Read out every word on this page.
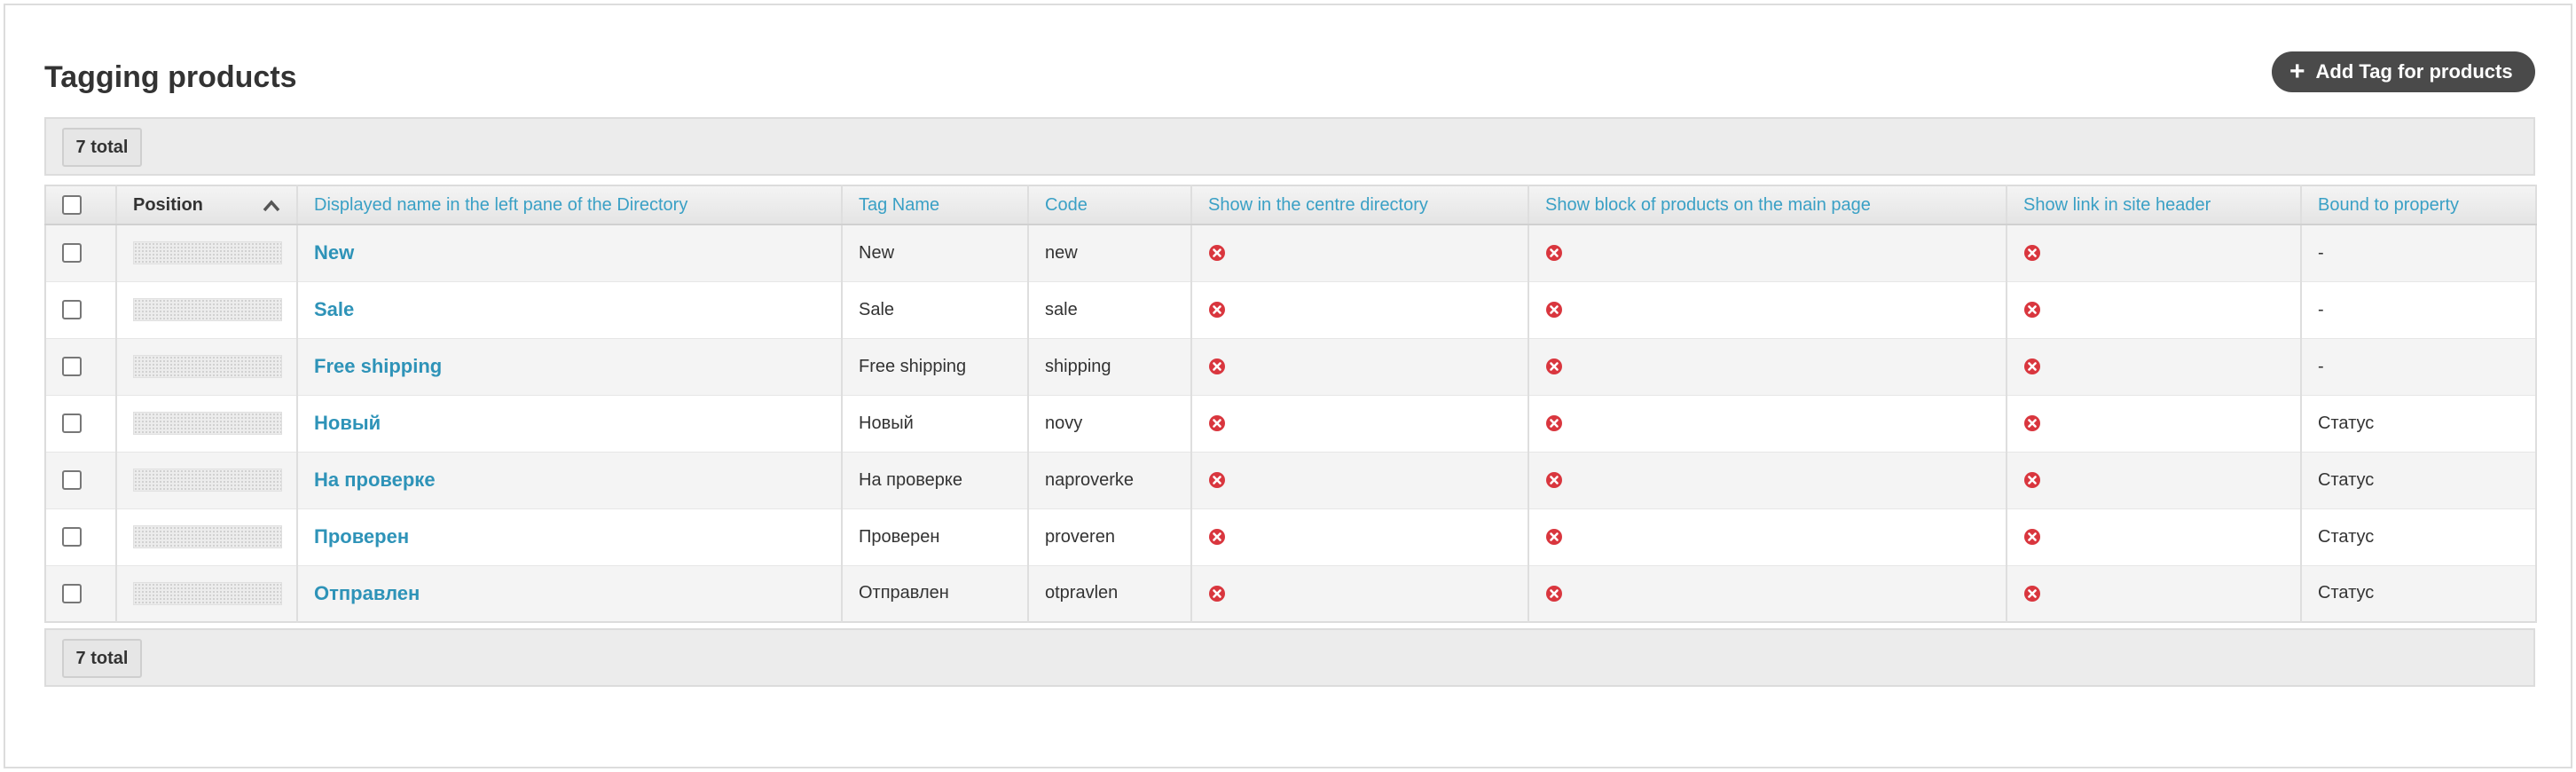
Tagging products	+ Add Tag for products
7 total
	Position	Displayed name in the left pane of the Directory	Tag Name	Code	Show in the centre directory	Show block of products on the main page	Show link in site header	Bound to property
		New	New	new				-
		Sale	Sale	sale				-
		Free shipping	Free shipping	shipping				-
		Новый	Новый	novy				Статус
		На проверке	На проверке	naproverke				Статус
		Проверен	Проверен	proveren				Статус
		Отправлен	Отправлен	otpravlen				Статус
7 total
